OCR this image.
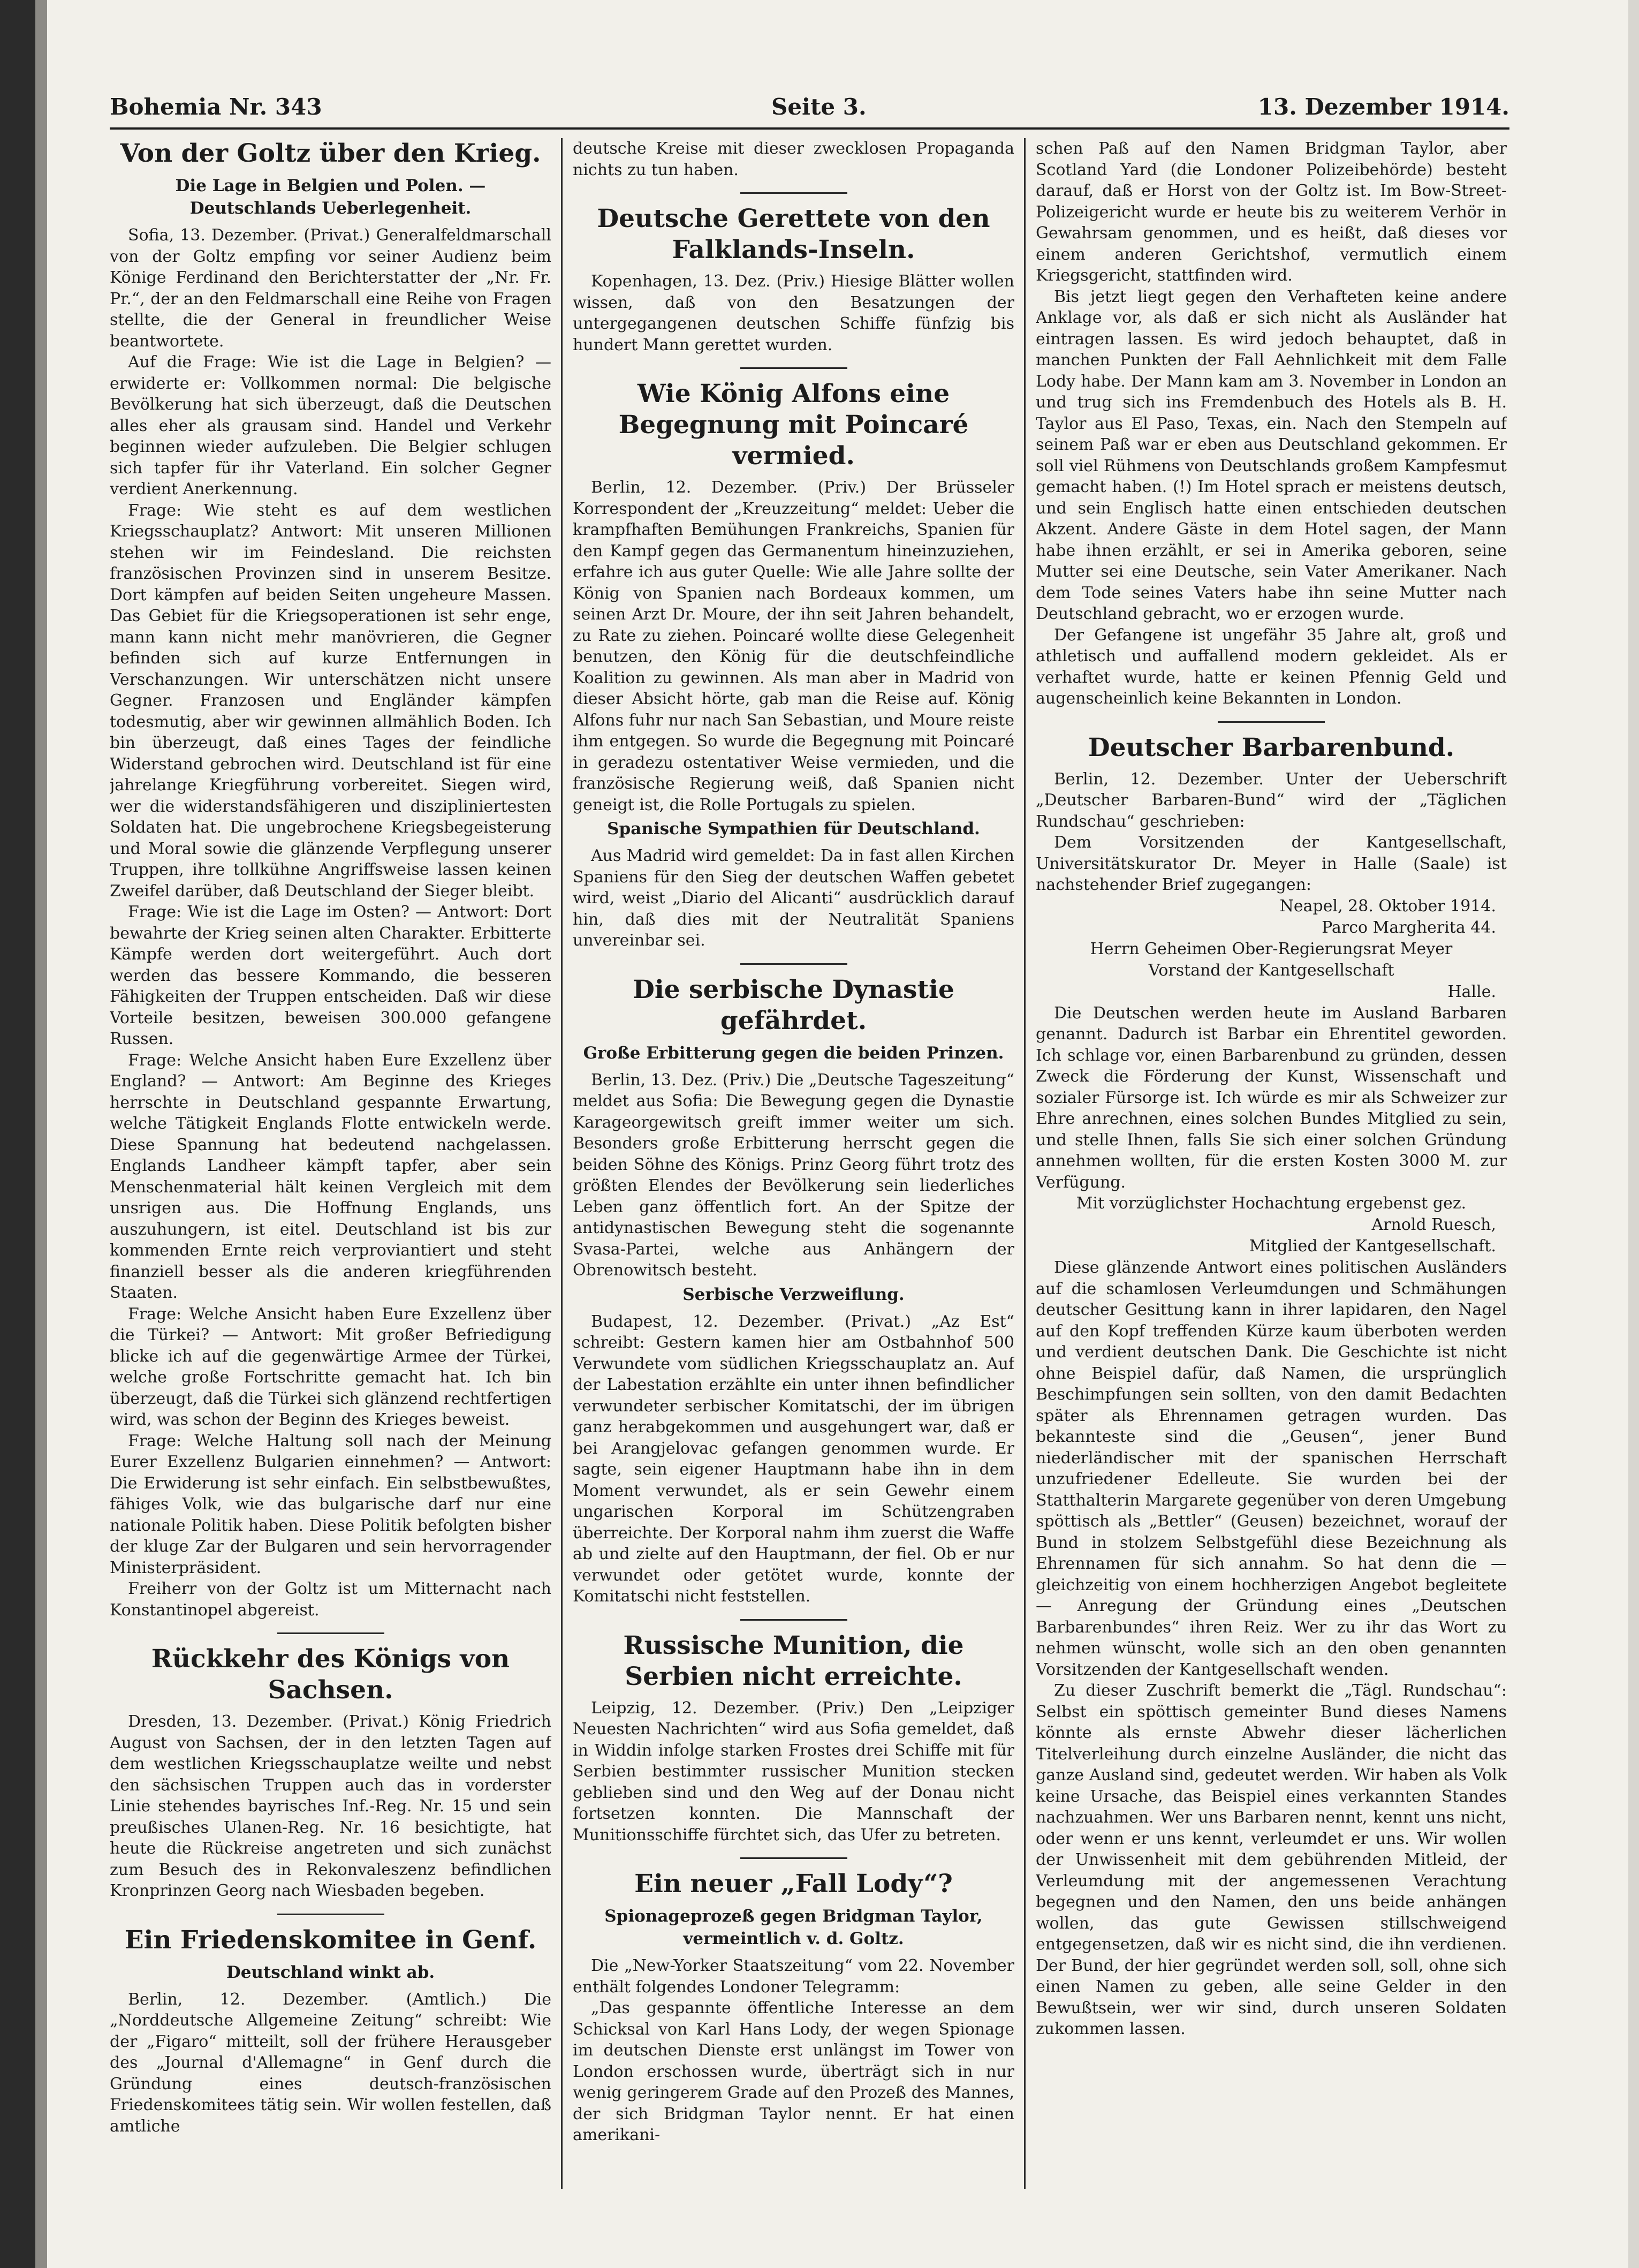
Bohemia Nr. 343	Seite 3.	13. Dezember 1914.
Von der Goltz über den Krieg.
Die Lage in Belgien und Polen. — Deutschlands Ueberlegenheit.

Sofia, 13. Dezember. (Privat.) Generalfeldmarschall von der Goltz empfing vor seiner Audienz beim Könige Ferdinand den Berichterstatter der „Nr. Fr. Pr.“, der an den Feldmarschall eine Reihe von Fragen stellte, die der General in freundlicher Weise beantwortete.

Auf die Frage: Wie ist die Lage in Belgien? — erwiderte er: Vollkommen normal: Die belgische Bevölkerung hat sich überzeugt, daß die Deutschen alles eher als grausam sind. Handel und Verkehr beginnen wieder aufzuleben. Die Belgier schlugen sich tapfer für ihr Vaterland. Ein solcher Gegner verdient Anerkennung.

Frage: Wie steht es auf dem westlichen Kriegsschauplatz? Antwort: Mit unseren Millionen stehen wir im Feindesland. Die reichsten französischen Provinzen sind in unserem Besitze. Dort kämpfen auf beiden Seiten ungeheure Massen. Das Gebiet für die Kriegsoperationen ist sehr enge, mann kann nicht mehr manövrieren, die Gegner befinden sich auf kurze Entfernungen in Verschanzungen. Wir unterschätzen nicht unsere Gegner. Franzosen und Engländer kämpfen todesmutig, aber wir gewinnen allmählich Boden. Ich bin überzeugt, daß eines Tages der feindliche Widerstand gebrochen wird. Deutschland ist für eine jahrelange Kriegführung vorbereitet. Siegen wird, wer die widerstandsfähigeren und diszipliniertesten Soldaten hat. Die ungebrochene Kriegsbegeisterung und Moral sowie die glänzende Verpflegung unserer Truppen, ihre tollkühne Angriffsweise lassen keinen Zweifel darüber, daß Deutschland der Sieger bleibt.

Frage: Wie ist die Lage im Osten? — Antwort: Dort bewahrte der Krieg seinen alten Charakter. Erbitterte Kämpfe werden dort weitergeführt. Auch dort werden das bessere Kommando, die besseren Fähigkeiten der Truppen entscheiden. Daß wir diese Vorteile besitzen, beweisen 300.000 gefangene Russen.

Frage: Welche Ansicht haben Eure Exzellenz über England? — Antwort: Am Beginne des Krieges herrschte in Deutschland gespannte Erwartung, welche Tätigkeit Englands Flotte entwickeln werde. Diese Spannung hat bedeutend nachgelassen. Englands Landheer kämpft tapfer, aber sein Menschenmaterial hält keinen Vergleich mit dem unsrigen aus. Die Hoffnung Englands, uns auszuhungern, ist eitel. Deutschland ist bis zur kommenden Ernte reich verproviantiert und steht finanziell besser als die anderen kriegführenden Staaten.

Frage: Welche Ansicht haben Eure Exzellenz über die Türkei? — Antwort: Mit großer Befriedigung blicke ich auf die gegenwärtige Armee der Türkei, welche große Fortschritte gemacht hat. Ich bin überzeugt, daß die Türkei sich glänzend rechtfertigen wird, was schon der Beginn des Krieges beweist.

Frage: Welche Haltung soll nach der Meinung Eurer Exzellenz Bulgarien einnehmen? — Antwort: Die Erwiderung ist sehr einfach. Ein selbstbewußtes, fähiges Volk, wie das bulgarische darf nur eine nationale Politik haben. Diese Politik befolgten bisher der kluge Zar der Bulgaren und sein hervorragender Ministerpräsident.

Freiherr von der Goltz ist um Mitternacht nach Konstantinopel abgereist.

Rückkehr des Königs von Sachsen.

Dresden, 13. Dezember. (Privat.) König Friedrich August von Sachsen, der in den letzten Tagen auf dem westlichen Kriegsschauplatze weilte und nebst den sächsischen Truppen auch das in vorderster Linie stehendes bayrisches Inf.-Reg. Nr. 15 und sein preußisches Ulanen-Reg. Nr. 16 besichtigte, hat heute die Rückreise angetreten und sich zunächst zum Besuch des in Rekonvaleszenz befindlichen Kronprinzen Georg nach Wiesbaden begeben.

Ein Friedenskomitee in Genf.
Deutschland winkt ab.

Berlin, 12. Dezember. (Amtlich.) Die „Norddeutsche Allgemeine Zeitung“ schreibt: Wie der „Figaro“ mitteilt, soll der frühere Herausgeber des „Journal d'Allemagne“ in Genf durch die Gründung eines deutsch-französischen Friedenskomitees tätig sein. Wir wollen festellen, daß amtliche

deutsche Kreise mit dieser zwecklosen Propaganda nichts zu tun haben.

Deutsche Gerettete von den Falklands-Inseln.

Kopenhagen, 13. Dez. (Priv.) Hiesige Blätter wollen wissen, daß von den Besatzungen der untergegangenen deutschen Schiffe fünfzig bis hundert Mann gerettet wurden.

Wie König Alfons eine Begegnung mit Poincaré vermied.

Berlin, 12. Dezember. (Priv.) Der Brüsseler Korrespondent der „Kreuzzeitung“ meldet: Ueber die krampfhaften Bemühungen Frankreichs, Spanien für den Kampf gegen das Germanentum hineinzuziehen, erfahre ich aus guter Quelle: Wie alle Jahre sollte der König von Spanien nach Bordeaux kommen, um seinen Arzt Dr. Moure, der ihn seit Jahren behandelt, zu Rate zu ziehen. Poincaré wollte diese Gelegenheit benutzen, den König für die deutschfeindliche Koalition zu gewinnen. Als man aber in Madrid von dieser Absicht hörte, gab man die Reise auf. König Alfons fuhr nur nach San Sebastian, und Moure reiste ihm entgegen. So wurde die Begegnung mit Poincaré in geradezu ostentativer Weise vermieden, und die französische Regierung weiß, daß Spanien nicht geneigt ist, die Rolle Portugals zu spielen.

Spanische Sympathien für Deutschland.

Aus Madrid wird gemeldet: Da in fast allen Kirchen Spaniens für den Sieg der deutschen Waffen gebetet wird, weist „Diario del Alicanti“ ausdrücklich darauf hin, daß dies mit der Neutralität Spaniens unvereinbar sei.

Die serbische Dynastie gefährdet.
Große Erbitterung gegen die beiden Prinzen.

Berlin, 13. Dez. (Priv.) Die „Deutsche Tageszeitung“ meldet aus Sofia: Die Bewegung gegen die Dynastie Karageorgewitsch greift immer weiter um sich. Besonders große Erbitterung herrscht gegen die beiden Söhne des Königs. Prinz Georg führt trotz des größten Elendes der Bevölkerung sein liederliches Leben ganz öffentlich fort. An der Spitze der antidynastischen Bewegung steht die sogenannte Svasa-Partei, welche aus Anhängern der Obrenowitsch besteht.

Serbische Verzweiflung.

Budapest, 12. Dezember. (Privat.) „Az Est“ schreibt: Gestern kamen hier am Ostbahnhof 500 Verwundete vom südlichen Kriegsschauplatz an. Auf der Labestation erzählte ein unter ihnen befindlicher verwundeter serbischer Komitatschi, der im übrigen ganz herabgekommen und ausgehungert war, daß er bei Arangjelovac gefangen genommen wurde. Er sagte, sein eigener Hauptmann habe ihn in dem Moment verwundet, als er sein Gewehr einem ungarischen Korporal im Schützengraben überreichte. Der Korporal nahm ihm zuerst die Waffe ab und zielte auf den Hauptmann, der fiel. Ob er nur verwundet oder getötet wurde, konnte der Komitatschi nicht feststellen.

Russische Munition, die Serbien nicht erreichte.

Leipzig, 12. Dezember. (Priv.) Den „Leipziger Neuesten Nachrichten“ wird aus Sofia gemeldet, daß in Widdin infolge starken Frostes drei Schiffe mit für Serbien bestimmter russischer Munition stecken geblieben sind und den Weg auf der Donau nicht fortsetzen konnten. Die Mannschaft der Munitionsschiffe fürchtet sich, das Ufer zu betreten.

Ein neuer „Fall Lody“?
Spionageprozeß gegen Bridgman Taylor, vermeintlich v. d. Goltz.

Die „New-Yorker Staatszeitung“ vom 22. November enthält folgendes Londoner Telegramm:

„Das gespannte öffentliche Interesse an dem Schicksal von Karl Hans Lody, der wegen Spionage im deutschen Dienste erst unlängst im Tower von London erschossen wurde, überträgt sich in nur wenig geringerem Grade auf den Prozeß des Mannes, der sich Bridgman Taylor nennt. Er hat einen amerikani-

schen Paß auf den Namen Bridgman Taylor, aber Scotland Yard (die Londoner Polizeibehörde) besteht darauf, daß er Horst von der Goltz ist. Im Bow-Street-Polizeigericht wurde er heute bis zu weiterem Verhör in Gewahrsam genommen, und es heißt, daß dieses vor einem anderen Gerichtshof, vermutlich einem Kriegsgericht, stattfinden wird.

Bis jetzt liegt gegen den Verhafteten keine andere Anklage vor, als daß er sich nicht als Ausländer hat eintragen lassen. Es wird jedoch behauptet, daß in manchen Punkten der Fall Aehnlichkeit mit dem Falle Lody habe. Der Mann kam am 3. November in London an und trug sich ins Fremdenbuch des Hotels als B. H. Taylor aus El Paso, Texas, ein. Nach den Stempeln auf seinem Paß war er eben aus Deutschland gekommen. Er soll viel Rühmens von Deutschlands großem Kampfesmut gemacht haben. (!) Im Hotel sprach er meistens deutsch, und sein Englisch hatte einen entschieden deutschen Akzent. Andere Gäste in dem Hotel sagen, der Mann habe ihnen erzählt, er sei in Amerika geboren, seine Mutter sei eine Deutsche, sein Vater Amerikaner. Nach dem Tode seines Vaters habe ihn seine Mutter nach Deutschland gebracht, wo er erzogen wurde.

Der Gefangene ist ungefähr 35 Jahre alt, groß und athletisch und auffallend modern gekleidet. Als er verhaftet wurde, hatte er keinen Pfennig Geld und augenscheinlich keine Bekannten in London.

Deutscher Barbarenbund.

Berlin, 12. Dezember. Unter der Ueberschrift „Deutscher Barbaren-Bund“ wird der „Täglichen Rundschau“ geschrieben:

Dem Vorsitzenden der Kantgesellschaft, Universitätskurator Dr. Meyer in Halle (Saale) ist nachstehender Brief zugegangen:

Neapel, 28. Oktober 1914.

Parco Margherita 44.

Herrn Geheimen Ober-Regierungsrat Meyer

Vorstand der Kantgesellschaft

Halle.

Die Deutschen werden heute im Ausland Barbaren genannt. Dadurch ist Barbar ein Ehrentitel geworden. Ich schlage vor, einen Barbarenbund zu gründen, dessen Zweck die Förderung der Kunst, Wissenschaft und sozialer Fürsorge ist. Ich würde es mir als Schweizer zur Ehre anrechnen, eines solchen Bundes Mitglied zu sein, und stelle Ihnen, falls Sie sich einer solchen Gründung annehmen wollten, für die ersten Kosten 3000 M. zur Verfügung.

Mit vorzüglichster Hochachtung ergebenst gez.

Arnold Ruesch,

Mitglied der Kantgesellschaft.

Diese glänzende Antwort eines politischen Ausländers auf die schamlosen Verleumdungen und Schmähungen deutscher Gesittung kann in ihrer lapidaren, den Nagel auf den Kopf treffenden Kürze kaum überboten werden und verdient deutschen Dank. Die Geschichte ist nicht ohne Beispiel dafür, daß Namen, die ursprünglich Beschimpfungen sein sollten, von den damit Bedachten später als Ehrennamen getragen wurden. Das bekannteste sind die „Geusen“, jener Bund niederländischer mit der spanischen Herrschaft unzufriedener Edelleute. Sie wurden bei der Statthalterin Margarete gegenüber von deren Umgebung spöttisch als „Bettler“ (Geusen) bezeichnet, worauf der Bund in stolzem Selbstgefühl diese Bezeichnung als Ehrennamen für sich annahm. So hat denn die — gleichzeitig von einem hochherzigen Angebot begleitete — Anregung der Gründung eines „Deutschen Barbarenbundes“ ihren Reiz. Wer zu ihr das Wort zu nehmen wünscht, wolle sich an den oben genannten Vorsitzenden der Kantgesellschaft wenden.

Zu dieser Zuschrift bemerkt die „Tägl. Rundschau“: Selbst ein spöttisch gemeinter Bund dieses Namens könnte als ernste Abwehr dieser lächerlichen Titelverleihung durch einzelne Ausländer, die nicht das ganze Ausland sind, gedeutet werden. Wir haben als Volk keine Ursache, das Beispiel eines verkannten Standes nachzuahmen. Wer uns Barbaren nennt, kennt uns nicht, oder wenn er uns kennt, verleumdet er uns. Wir wollen der Unwissenheit mit dem gebührenden Mitleid, der Verleumdung mit der angemessenen Verachtung begegnen und den Namen, den uns beide anhängen wollen, das gute Gewissen stillschweigend entgegensetzen, daß wir es nicht sind, die ihn verdienen. Der Bund, der hier gegründet werden soll, soll, ohne sich einen Namen zu geben, alle seine Gelder in den Bewußtsein, wer wir sind, durch unseren Soldaten zukommen lassen.
